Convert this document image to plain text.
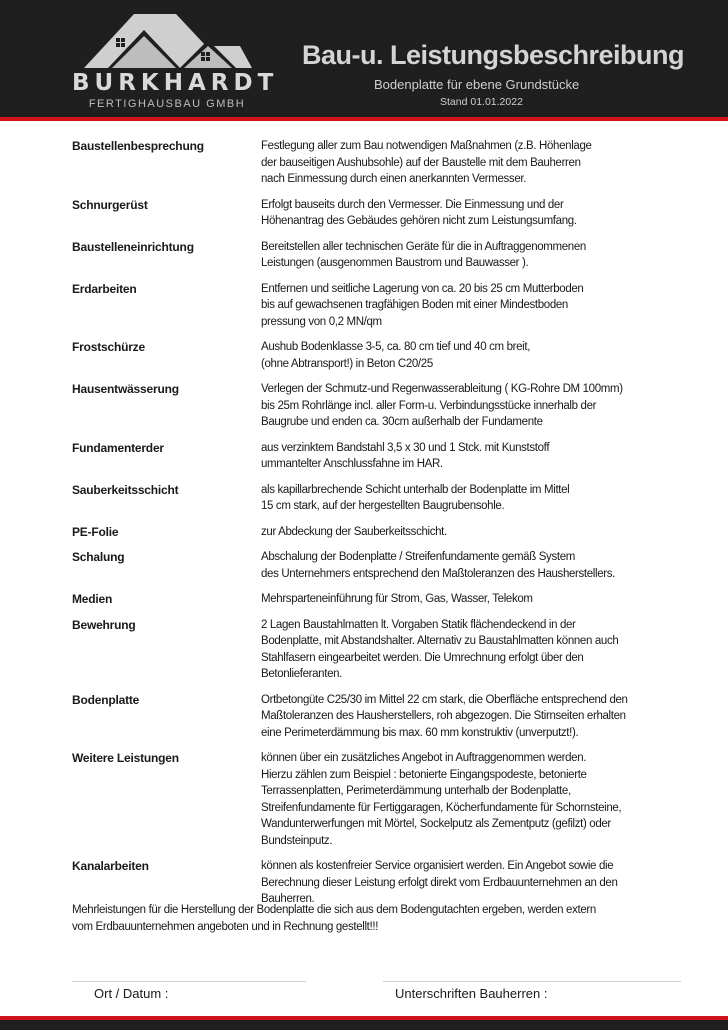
BURKHARDT
FERTIGHAUSBAU GMBH
Bau-u. Leistungsbeschreibung
Bodenplatte für ebene Grundstücke
Stand 01.01.2022
Baustellenbesprechung	Festlegung aller zum Bau notwendigen Maßnahmen (z.B. Höhenlage
der bauseitigen Aushubsohle) auf der Baustelle mit dem Bauherren
nach Einmessung durch einen anerkannten Vermesser.
Schnurgerüst	Erfolgt bauseits durch den Vermesser. Die Einmessung und der
Höhenantrag des Gebäudes gehören nicht zum Leistungsumfang.
Baustelleneinrichtung	Bereitstellen aller technischen Geräte für die in Auftraggenommenen
Leistungen (ausgenommen Baustrom und Bauwasser ).
Erdarbeiten	Entfernen und seitliche Lagerung von ca. 20 bis 25 cm Mutterboden
bis auf gewachsenen tragfähigen Boden mit einer Mindestboden
pressung von 0,2 MN/qm
Frostschürze	Aushub Bodenklasse 3-5, ca. 80 cm tief und 40 cm breit,
(ohne Abtransport!) in Beton C20/25
Hausentwässerung	Verlegen der Schmutz-und Regenwasserableitung ( KG-Rohre DM 100mm)
bis 25m Rohrlänge incl. aller Form-u. Verbindungsstücke innerhalb der
Baugrube und enden ca. 30cm außerhalb der Fundamente
Fundamenterder	aus verzinktem Bandstahl 3,5 x 30 und 1 Stck. mit Kunststoff
ummantelter Anschlussfahne im HAR.
Sauberkeitsschicht	als kapillarbrechende Schicht unterhalb der Bodenplatte im Mittel
15 cm stark, auf der hergestellten Baugrubensohle.
PE-Folie	zur Abdeckung der Sauberkeitsschicht.
Schalung	Abschalung der Bodenplatte / Streifenfundamente gemäß System
des Unternehmers entsprechend den Maßtoleranzen des Hausherstellers.
Medien	Mehrsparteneinführung für Strom, Gas, Wasser, Telekom
Bewehrung	2 Lagen Baustahlmatten lt. Vorgaben Statik flächendeckend in der
Bodenplatte, mit Abstandshalter. Alternativ zu Baustahlmatten können auch
Stahlfasern eingearbeitet werden. Die Umrechnung erfolgt über den
Betonlieferanten.
Bodenplatte	Ortbetongüte C25/30 im Mittel 22 cm stark, die Oberfläche entsprechend den
Maßtoleranzen des Hausherstellers, roh abgezogen. Die Stirnseiten erhalten
eine Perimeterdämmung bis max. 60 mm konstruktiv (unverputzt!).
Weitere Leistungen	können über ein zusätzliches Angebot in Auftraggenommen werden.
Hierzu zählen zum Beispiel : betonierte Eingangspodeste, betonierte
Terrassenplatten, Perimeterdämmung unterhalb der Bodenplatte,
Streifenfundamente für Fertiggaragen, Köcherfundamente für Schornsteine,
Wandunterwerfungen mit Mörtel, Sockelputz als Zementputz (gefilzt) oder
Bundsteinputz.
Kanalarbeiten	können als kostenfreier Service organisiert werden. Ein Angebot sowie die
Berechnung dieser Leistung erfolgt direkt vom Erdbauunternehmen an den
Bauherren.
Mehrleistungen für die Herstellung der Bodenplatte die sich aus dem Bodengutachten ergeben, werden extern
vom Erdbauunternehmen angeboten und in Rechnung gestellt!!!
Ort / Datum :	Unterschriften Bauherren :
